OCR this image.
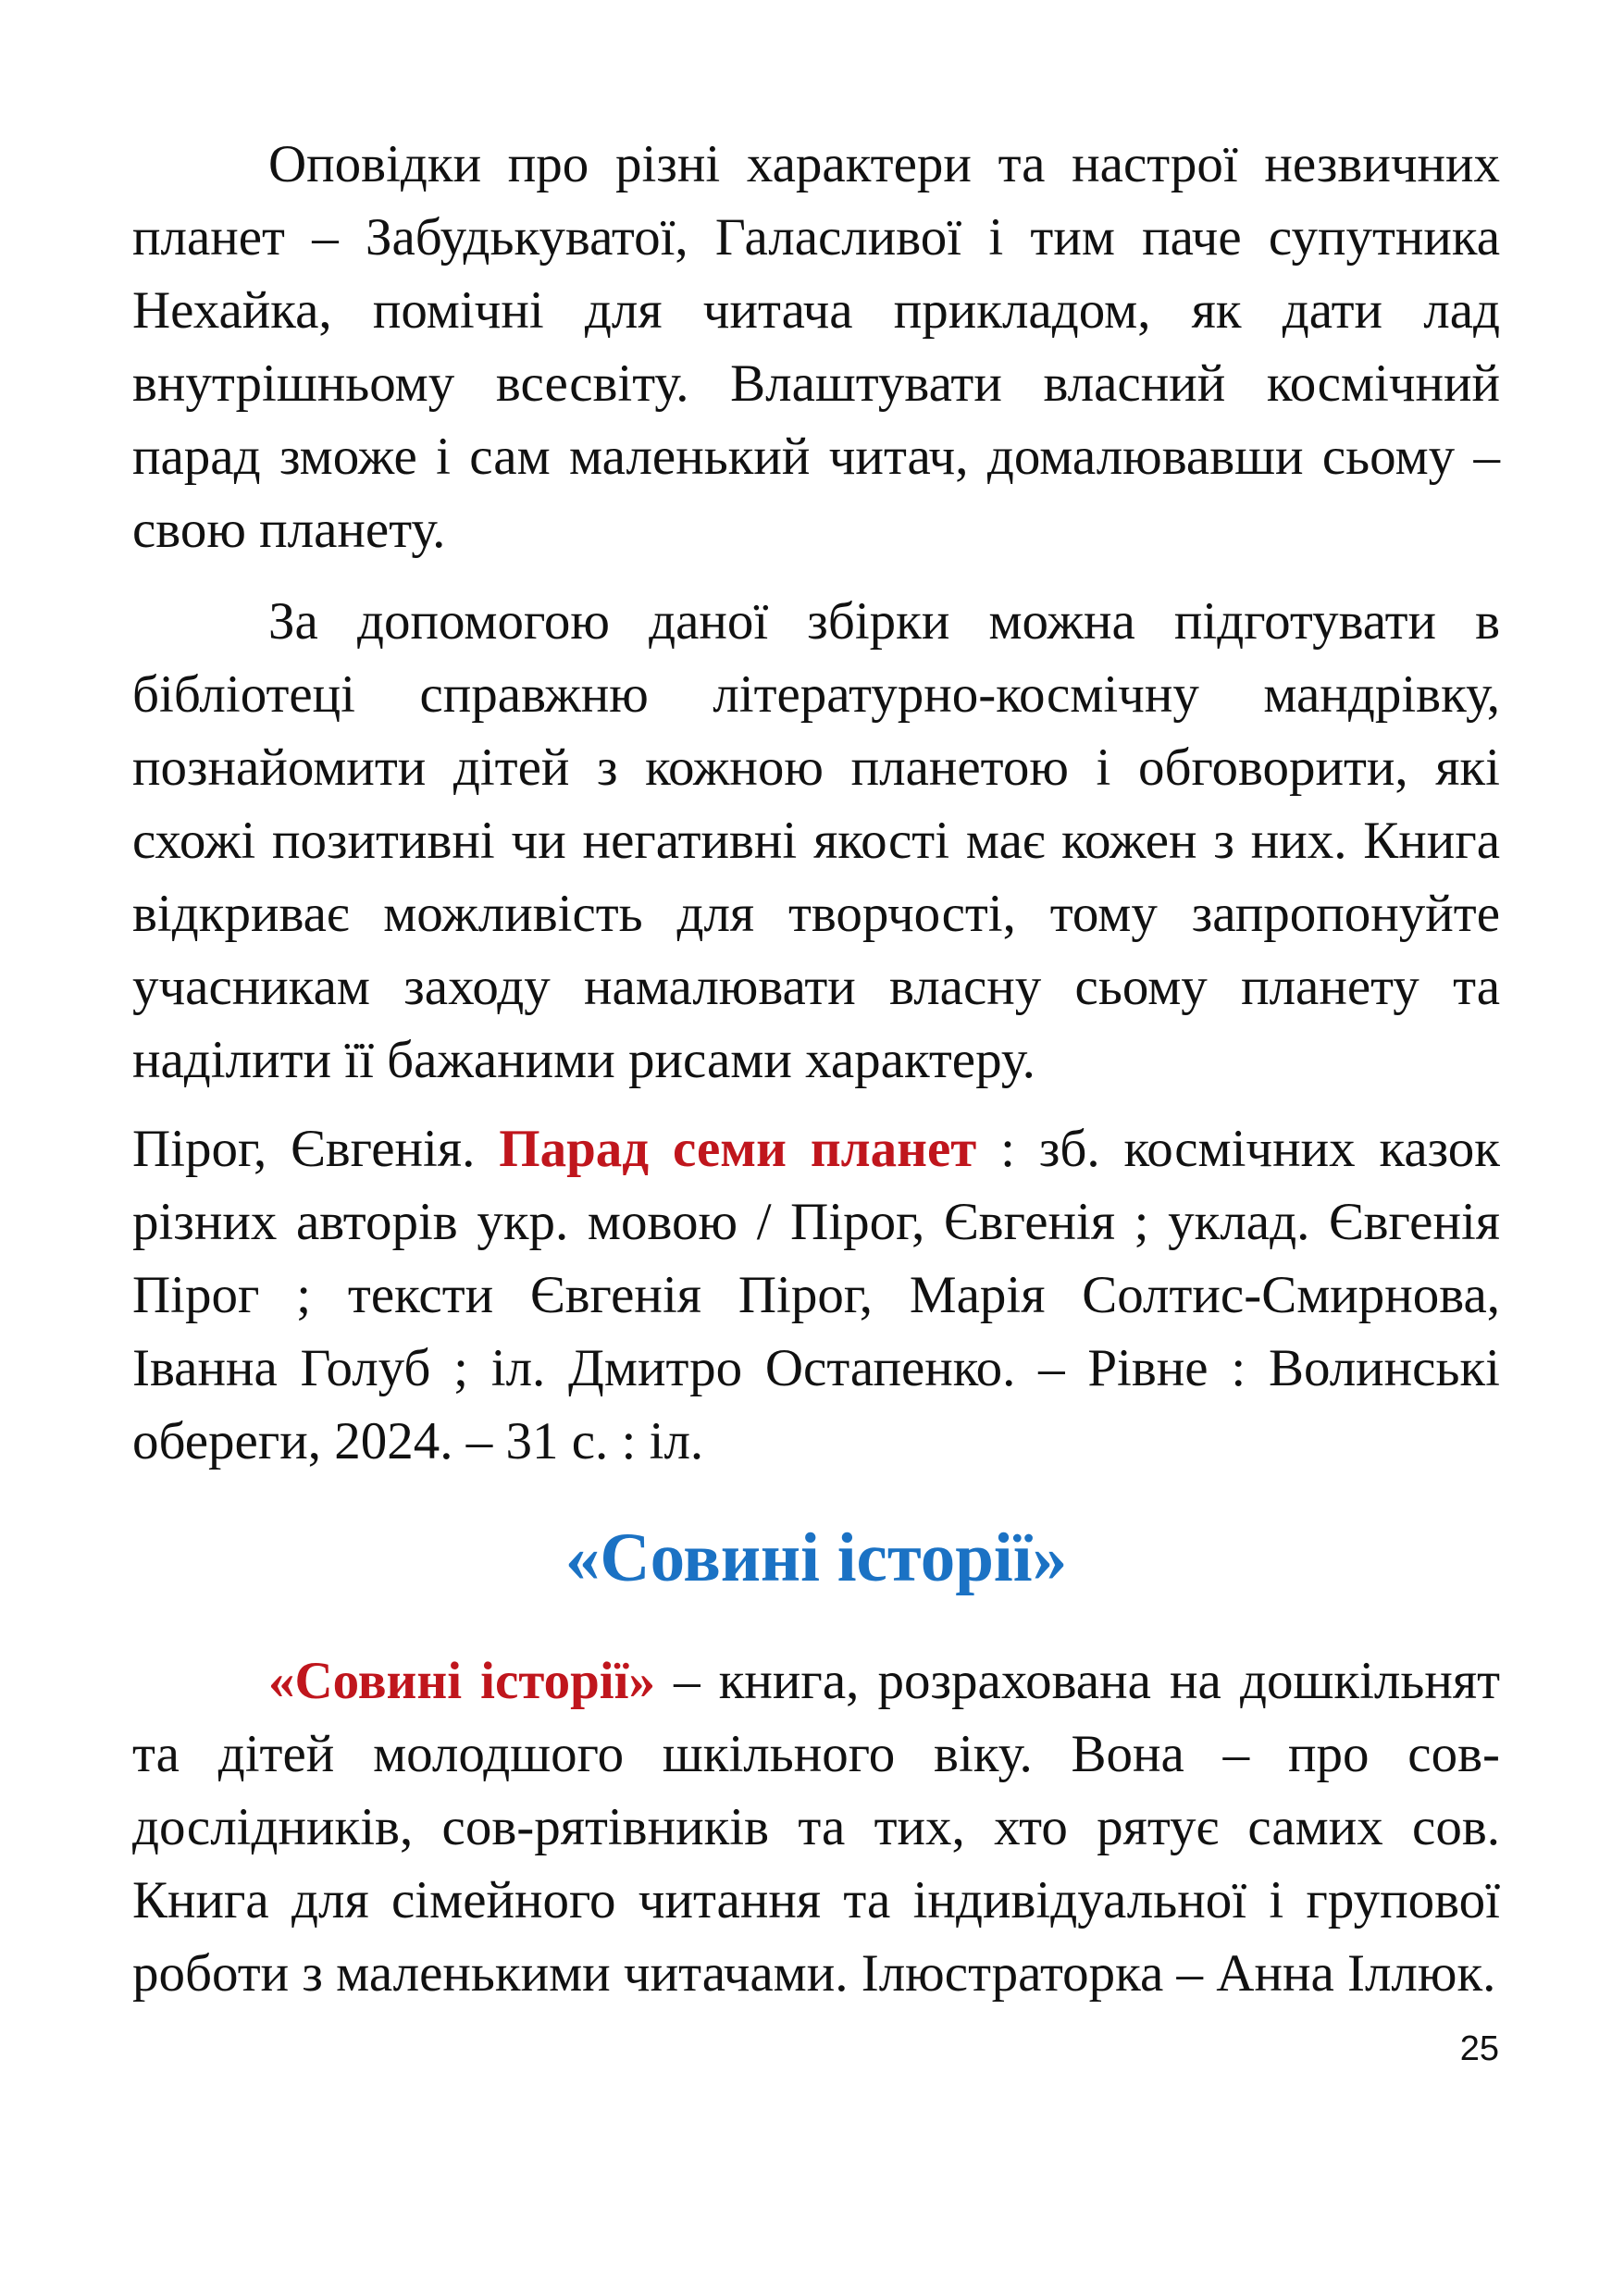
Оповідки про різні характери та настрої незвичних планет – Забудькуватої, Галасливої і тим паче супутника Нехайка, помічні для читача прикладом, як дати лад внутрішньому всесвіту. Влаштувати власний космічний парад зможе і сам маленький читач, домалювавши сьому – свою планету.

За допомогою даної збірки можна підготувати в бібліотеці справжню літературно-космічну мандрівку, познайомити дітей з кожною планетою і обговорити, які схожі позитивні чи негативні якості має кожен з них. Книга відкриває можливість для творчості, тому запропонуйте учасникам заходу намалювати власну сьому планету та наділити її бажаними рисами характеру.

Пірог, Євгенія. Парад семи планет : зб. космічних казок різних авторів укр. мовою / Пірог, Євгенія ; уклад. Євгенія Пірог ; тексти Євгенія Пірог, Марія Солтис-Смирнова, Іванна Голуб ; іл. Дмитро Остапенко. – Рівне : Волинські обереги, 2024. – 31 с. : іл.

«Совині історії»

«Совині історії» – книга, розрахована на дошкільнят та дітей молодшого шкільного віку. Вона – про сов-дослідників, сов-рятівників та тих, хто рятує самих сов. Книга для сімейного читання та індивідуальної і групової роботи з маленькими читачами. Ілюстраторка – Анна Іллюк.

25
